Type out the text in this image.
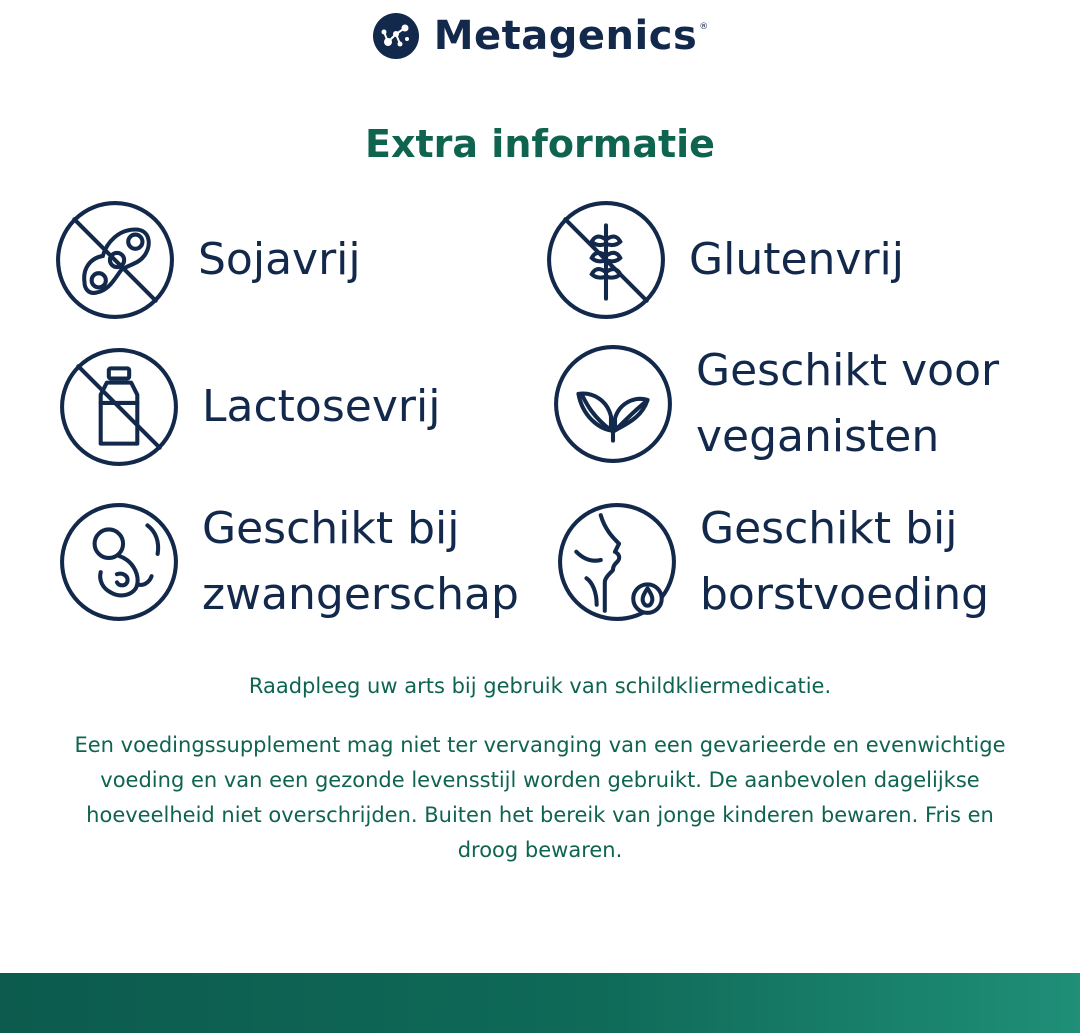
Metagenics ®
Extra informatie
Sojavrij	Glutenvrij
Lactosevrij
Geschikt voor
veganisten
Geschikt bij
zwangerschap
Geschikt bij
borstvoeding
Raadpleeg uw arts bij gebruik van schildkliermedicatie.
Een voedingssupplement mag niet ter vervanging van een gevarieerde en evenwichtige voeding en van een gezonde levensstijl worden gebruikt. De aanbevolen dagelijkse hoeveelheid niet overschrijden. Buiten het bereik van jonge kinderen bewaren. Fris en droog bewaren.
